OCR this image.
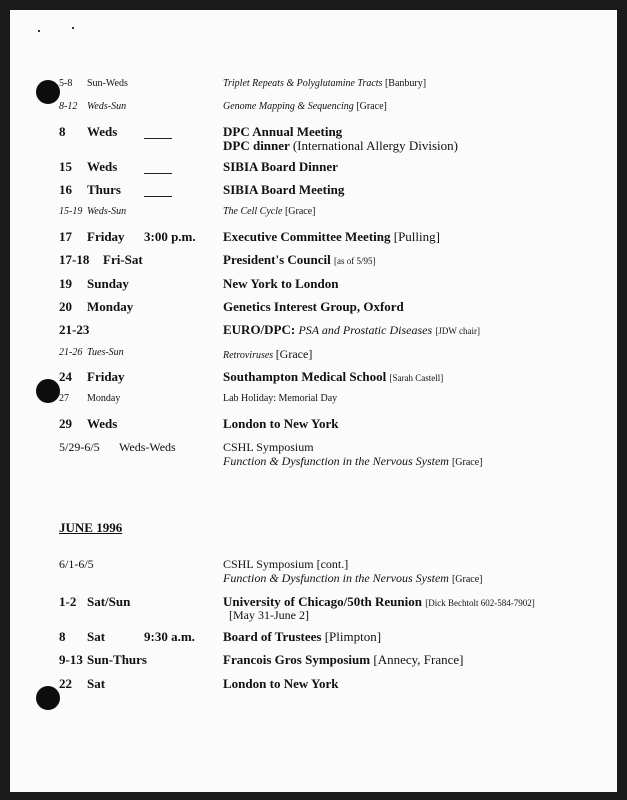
5-8 Sun-Weds	Triplet Repeats & Polyglutamine Tracts [Banbury]
8-12 Weds-Sun	Genome Mapping & Sequencing [Grace]
8 Weds	DPC Annual Meeting
DPC dinner (International Allergy Division)
15 Weds	SIBIA Board Dinner
16 Thurs	SIBIA Board Meeting
15-19 Weds-Sun	The Cell Cycle [Grace]
17 Friday 3:00 p.m. Executive Committee Meeting [Pulling]
17-18 Fri-Sat	President's Council [as of 5/95]
19 Sunday	New York to London
20 Monday	Genetics Interest Group, Oxford
21-23	EURO/DPC: PSA and Prostatic Diseases [JDW chair]
21-26 Tues-Sun	Retroviruses [Grace]
24 Friday	Southampton Medical School [Sarah Castell]
27 Monday	Lab Holiday: Memorial Day
29 Weds	London to New York
5/29-6/5 Weds-Weds	CSHL Symposium
Function & Dysfunction in the Nervous System [Grace]
JUNE 1996
6/1-6/5	CSHL Symposium [cont.]
Function & Dysfunction in the Nervous System [Grace]
1-2 Sat/Sun	University of Chicago/50th Reunion [Dick Bechtolt 602-584-7902]
[May 31-June 2]
8 Sat	9:30 a.m. Board of Trustees [Plimpton]
9-13 Sun-Thurs	Francois Gros Symposium [Annecy, France]
22 Sat	London to New York
